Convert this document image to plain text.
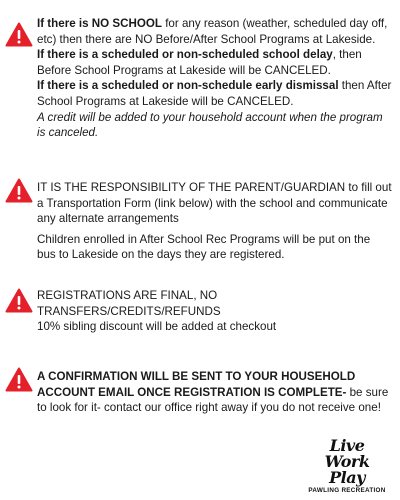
If there is NO SCHOOL for any reason (weather, scheduled day off, etc) then there are NO Before/After School Programs at Lakeside.

If there is a scheduled or non-scheduled school delay, then Before School Programs at Lakeside will be CANCELED.

If there is a scheduled or non-schedule early dismissal then After School Programs at Lakeside will be CANCELED.

A credit will be added to your household account when the program is canceled.

IT IS THE RESPONSIBILITY OF THE PARENT/GUARDIAN to fill out a Transportation Form (link below) with the school and communicate any alternate arrangements

Children enrolled in After School Rec Programs will be put on the bus to Lakeside on the days they are registered.

REGISTRATIONS ARE FINAL, NO TRANSFERS/CREDITS/REFUNDS

10% sibling discount will be added at checkout

A CONFIRMATION WILL BE SENT TO YOUR HOUSEHOLD ACCOUNT EMAIL ONCE REGISTRATION IS COMPLETE- be sure to look for it- contact our office right away if you do not receive one!

Live Work Play
PAWLING RECREATION
